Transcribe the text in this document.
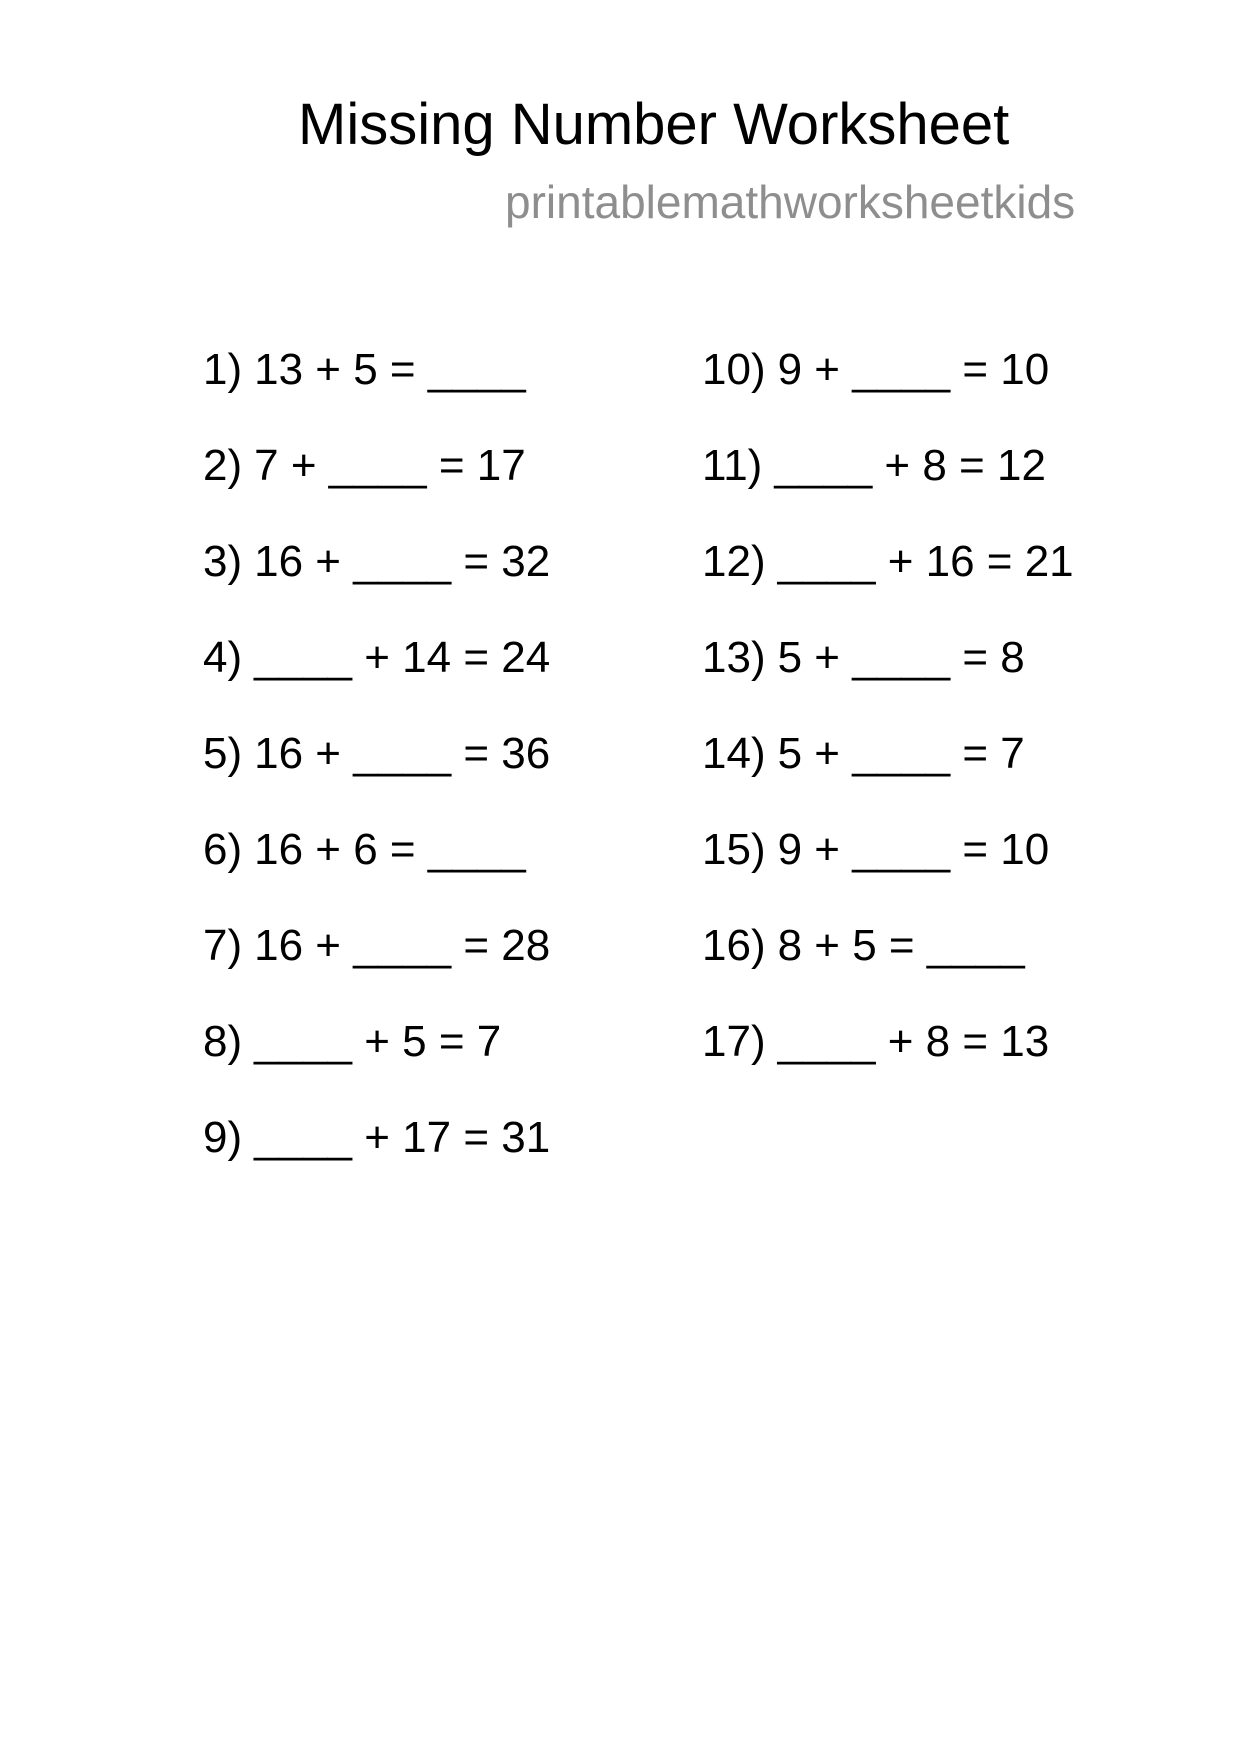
Missing Number Worksheet
printablemathworksheetkids
1) 13 + 5 = ____
2) 7 + ____ = 17
3) 16 + ____ = 32
4) ____ + 14 = 24
5) 16 + ____ = 36
6) 16 + 6 = ____
7) 16 + ____ = 28
8) ____ + 5 = 7
9) ____ + 17 = 31
10) 9 + ____ = 10
11) ____ + 8 = 12
12) ____ + 16 = 21
13) 5 + ____ = 8
14) 5 + ____ = 7
15) 9 + ____ = 10
16) 8 + 5 = ____
17) ____ + 8 = 13
